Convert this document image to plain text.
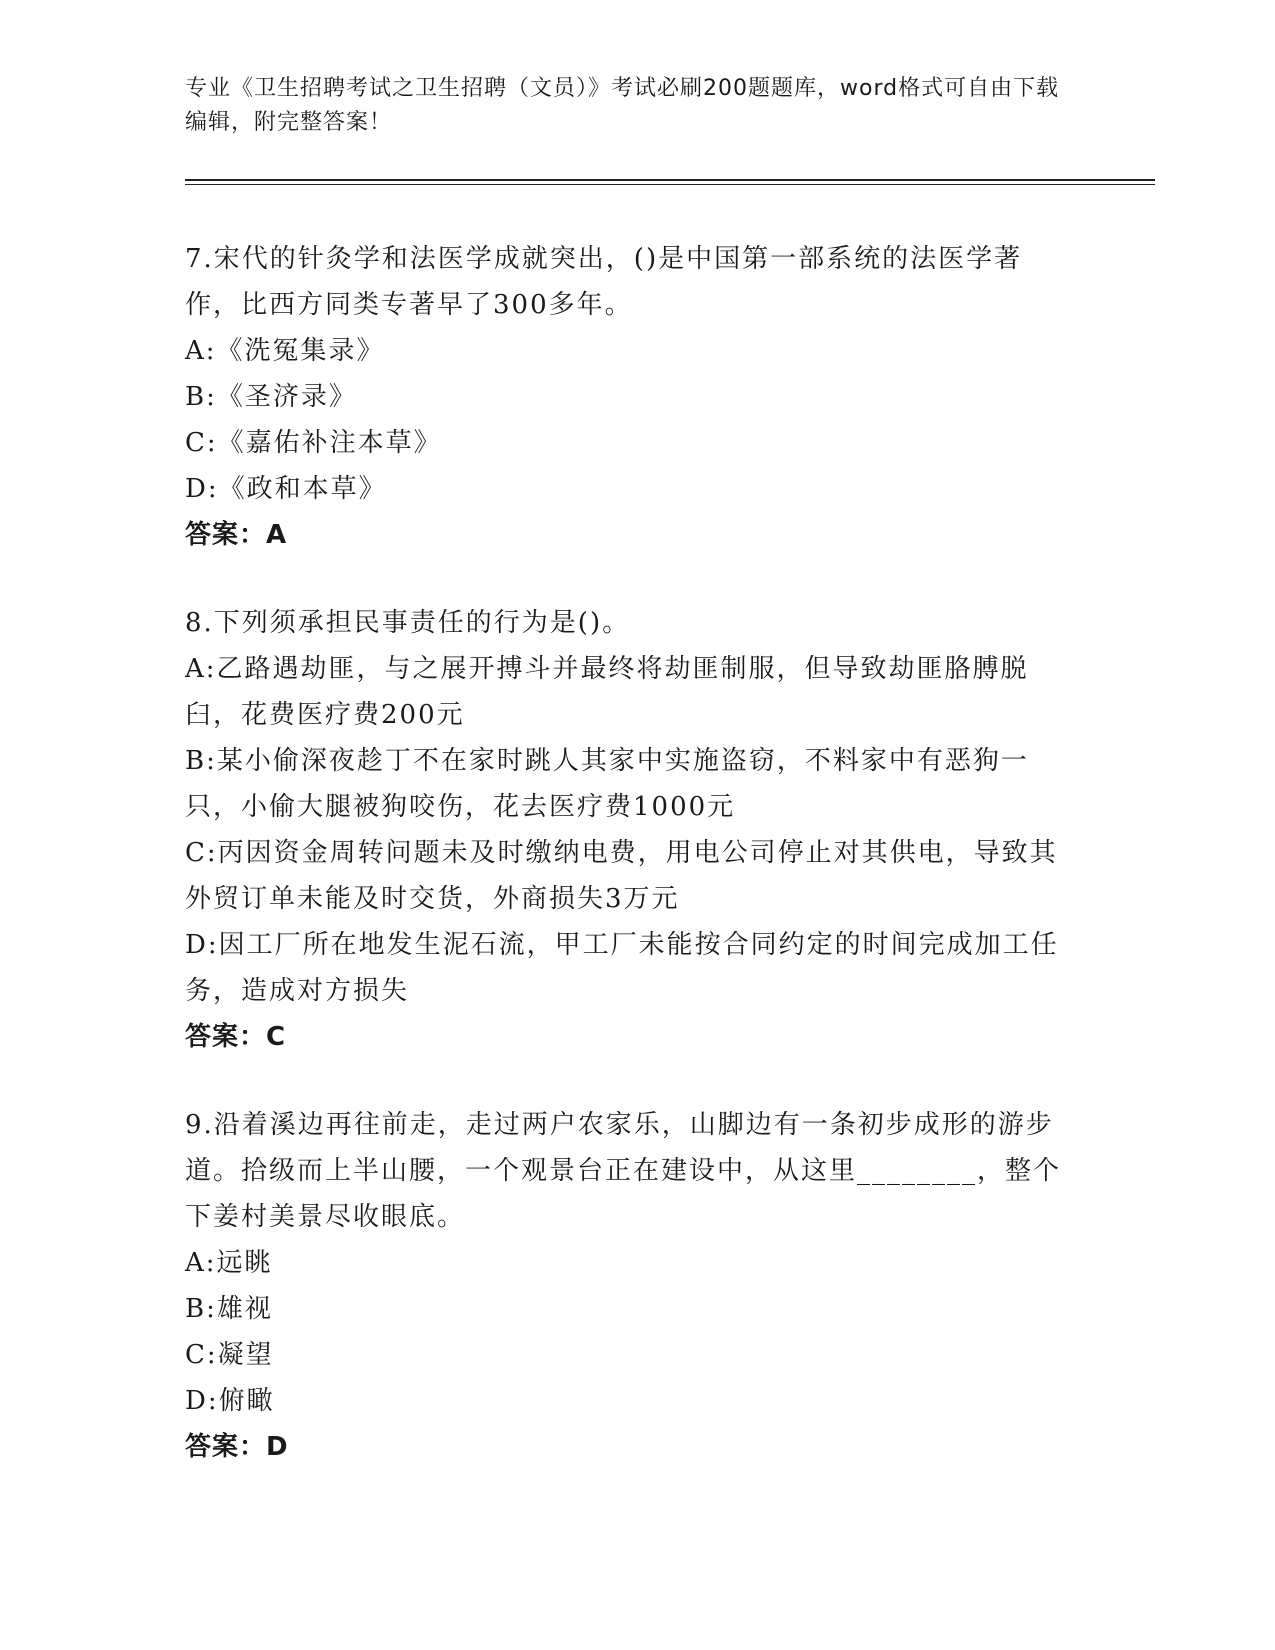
专业《卫生招聘考试之卫生招聘（文员）》考试必刷200题题库，word格式可自由下载编辑，附完整答案！
7.宋代的针灸学和法医学成就突出，()是中国第一部系统的法医学著作，比西方同类专著早了300多年。
A:《洗冤集录》
B:《圣济录》
C:《嘉佑补注本草》
D:《政和本草》
答案：A
8.下列须承担民事责任的行为是()。
A:乙路遇劫匪，与之展开搏斗并最终将劫匪制服，但导致劫匪胳膊脱臼，花费医疗费200元
B:某小偷深夜趁丁不在家时跳人其家中实施盗窃，不料家中有恶狗一只，小偷大腿被狗咬伤，花去医疗费1000元
C:丙因资金周转问题未及时缴纳电费，用电公司停止对其供电，导致其外贸订单未能及时交货，外商损失3万元
D:因工厂所在地发生泥石流，甲工厂未能按合同约定的时间完成加工任务，造成对方损失
答案：C
9.沿着溪边再往前走，走过两户农家乐，山脚边有一条初步成形的游步道。拾级而上半山腰，一个观景台正在建设中，从这里________，整个下姜村美景尽收眼底。
A:远眺
B:雄视
C:凝望
D:俯瞰
答案：D
